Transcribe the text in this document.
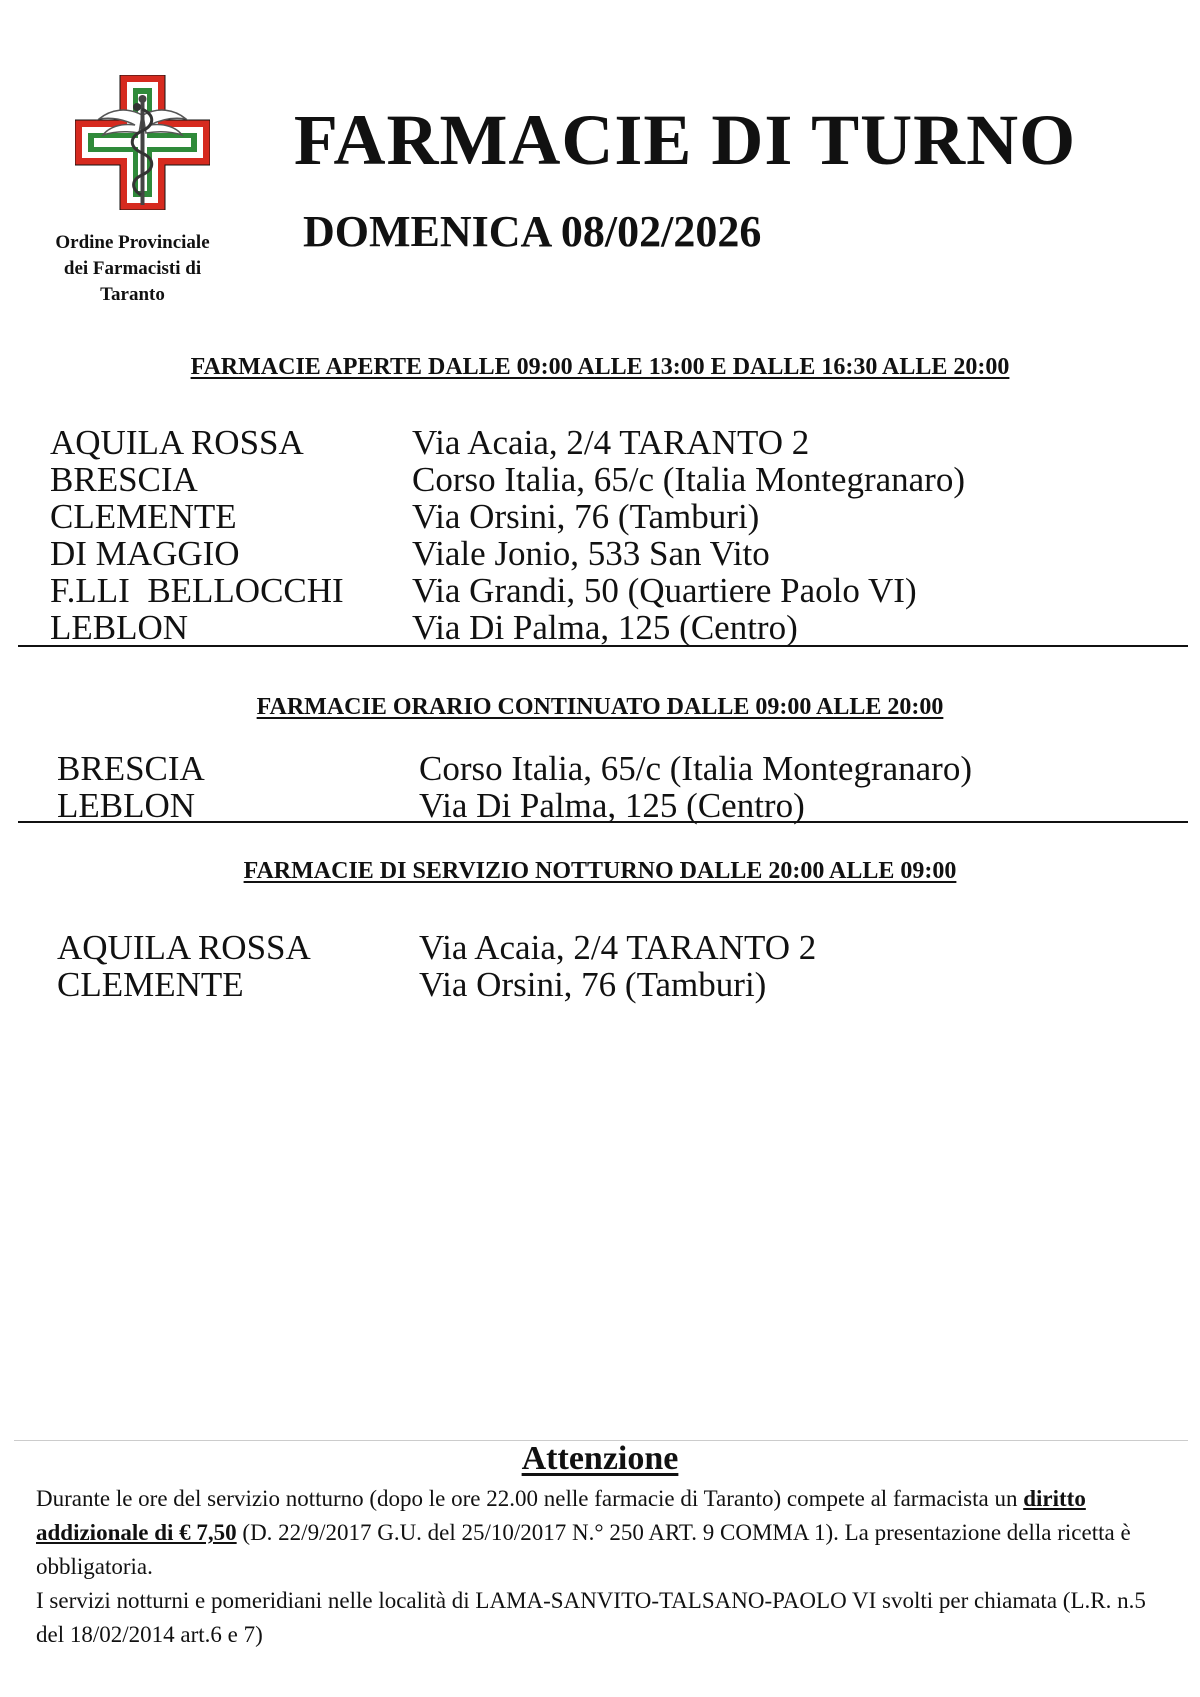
Ordine Provinciale
dei Farmacisti di
Taranto
FARMACIE DI TURNO
DOMENICA 08/02/2026
FARMACIE APERTE DALLE 09:00 ALLE 13:00 E DALLE 16:30 ALLE 20:00
AQUILA ROSSA	Via Acaia, 2/4 TARANTO 2
BRESCIA	Corso Italia, 65/c (Italia Montegranaro)
CLEMENTE	Via Orsini, 76 (Tamburi)
DI MAGGIO	Viale Jonio, 533 San Vito
F.LLI  BELLOCCHI	Via Grandi, 50 (Quartiere Paolo VI)
LEBLON	Via Di Palma, 125 (Centro)
FARMACIE ORARIO CONTINUATO DALLE 09:00 ALLE 20:00
BRESCIA	Corso Italia, 65/c (Italia Montegranaro)
LEBLON	Via Di Palma, 125 (Centro)
FARMACIE DI SERVIZIO NOTTURNO DALLE 20:00 ALLE 09:00
AQUILA ROSSA	Via Acaia, 2/4 TARANTO 2
CLEMENTE	Via Orsini, 76 (Tamburi)
Attenzione

Durante le ore del servizio notturno (dopo le ore 22.00 nelle farmacie di Taranto) compete al farmacista un diritto addizionale di € 7,50 (D. 22/9/2017 G.U. del 25/10/2017 N.° 250 ART. 9 COMMA 1). La presentazione della ricetta è obbligatoria.

I servizi notturni e pomeridiani nelle località di LAMA-SANVITO-TALSANO-PAOLO VI svolti per chiamata (L.R. n.5 del 18/02/2014 art.6 e 7)
